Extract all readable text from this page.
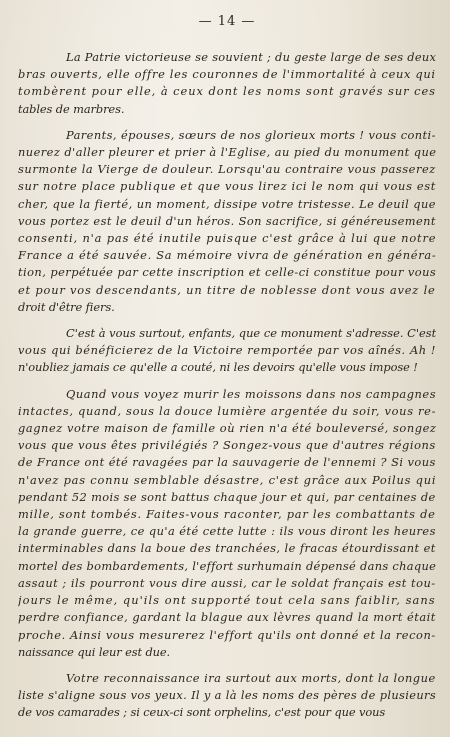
— 14 —
La Patrie victorieuse se souvient ; du geste large de ses deux
bras ouverts, elle offre les couronnes de l'immortalité à ceux qui
tombèrent pour elle, à ceux dont les noms sont gravés sur ces
tables de marbres.
Parents, épouses, sœurs de nos glorieux morts ! vous conti-
nuerez d'aller pleurer et prier à l'Eglise, au pied du monument que
surmonte la Vierge de douleur. Lorsqu'au contraire vous passerez
sur notre place publique et que vous lirez ici le nom qui vous est
cher, que la fierté, un moment, dissipe votre tristesse. Le deuil que
vous portez est le deuil d'un héros. Son sacrifice, si généreusement
consenti, n'a pas été inutile puisque c'est grâce à lui que notre
France a été sauvée. Sa mémoire vivra de génération en généra-
tion, perpétuée par cette inscription et celle-ci constitue pour vous
et pour vos descendants, un titre de noblesse dont vous avez le
droit d'être fiers.
C'est à vous surtout, enfants, que ce monument s'adresse. C'est
vous qui bénéficierez de la Victoire remportée par vos aînés. Ah !
n'oubliez jamais ce qu'elle a couté, ni les devoirs qu'elle vous impose !
Quand vous voyez murir les moissons dans nos campagnes
intactes, quand, sous la douce lumière argentée du soir, vous re-
gagnez votre maison de famille où rien n'a été bouleversé, songez
vous que vous êtes privilégiés ? Songez-vous que d'autres régions
de France ont été ravagées par la sauvagerie de l'ennemi ? Si vous
n'avez pas connu semblable désastre, c'est grâce aux Poilus qui
pendant 52 mois se sont battus chaque jour et qui, par centaines de
mille, sont tombés. Faites-vous raconter, par les combattants de
la grande guerre, ce qu'a été cette lutte : ils vous diront les heures
interminables dans la boue des tranchées, le fracas étourdissant et
mortel des bombardements, l'effort surhumain dépensé dans chaque
assaut ; ils pourront vous dire aussi, car le soldat français est tou-
jours le même, qu'ils ont supporté tout cela sans faiblir, sans
perdre confiance, gardant la blague aux lèvres quand la mort était
proche. Ainsi vous mesurerez l'effort qu'ils ont donné et la recon-
naissance qui leur est due.
Votre reconnaissance ira surtout aux morts, dont la longue
liste s'aligne sous vos yeux. Il y a là les noms des pères de plusieurs
de vos camarades ; si ceux-ci sont orphelins, c'est pour que vous
